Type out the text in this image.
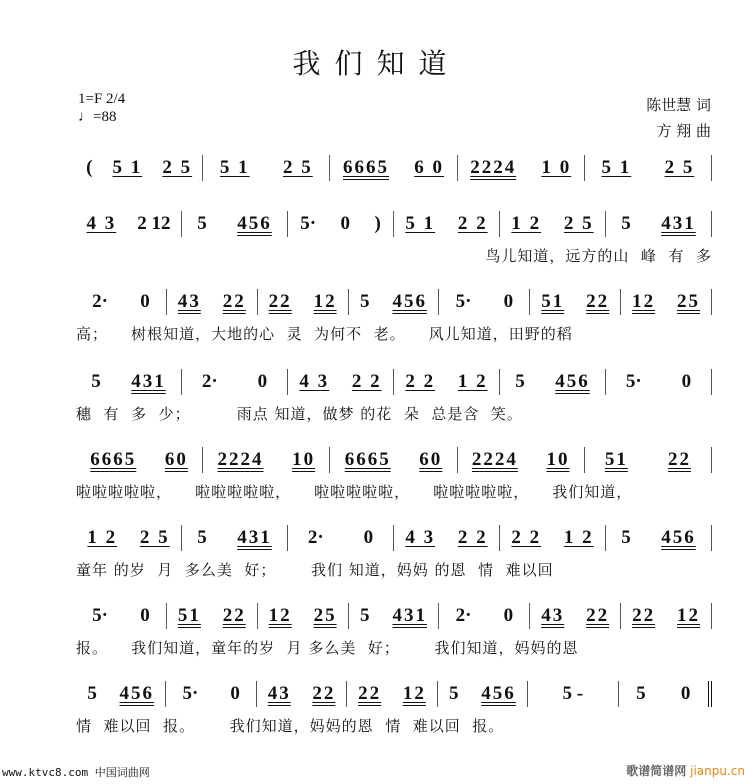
我们知道
1=F 2/4
♩=88
陈世慧 词
方 翔 曲
( 5 1 2 5 5 1 2 5 6665 6 0 2224 1 0 5 1 2 5
4 3 2 12 5 456 5· 0 ) 5 1 2 2 1 2 2 5 5 431
鸟儿知道，远方的山  峰  有  多
2· 0 43 22 22 12 5 456 5· 0 51 22 12 25
高；    树根知道，大地的心  灵  为何不  老。    风儿知道，田野的稻
5 431 2· 0 4 3 2 2 2 2 1 2 5 456 5· 0
穗  有  多  少；        雨点 知道，做梦 的花  朵  总是含  笑。
6665 60 2224 10 6665 60 2224 10 51 22
啦啦啦啦啦，    啦啦啦啦啦，    啦啦啦啦啦，    啦啦啦啦啦，    我们知道，
1 2 2 5 5 431 2· 0 4 3 2 2 2 2 1 2 5 456
童年 的岁  月  多么美  好；      我们 知道，妈妈 的恩  情  难以回
5· 0 51 22 12 25 5 431 2· 0 43 22 22 12
报。    我们知道，童年的岁  月 多么美  好；      我们知道，妈妈的恩
5 456 5· 0 43 22 22 12 5 456 5 -	5 0
情  难以回  报。      我们知道，妈妈的恩  情  难以回  报。
www.ktvc8.com 中国词曲网	歌谱简谱网 jianpu.cn
